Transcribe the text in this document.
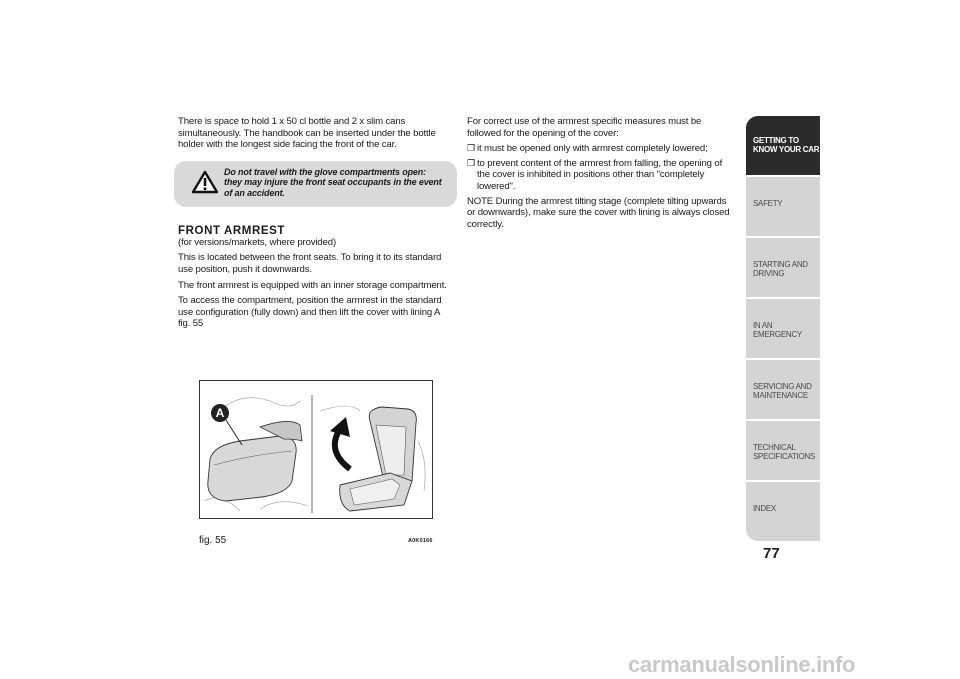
There is space to hold 1 x 50 cl bottle and 2 x slim cans simultaneously. The handbook can be inserted under the bottle holder with the longest side facing the front of the car.

Do not travel with the glove compartments open: they may injure the front seat occupants in the event of an accident.
FRONT ARMREST

(for versions/markets, where provided)

This is located between the front seats. To bring it to its standard use position, push it downwards.

The front armrest is equipped with an inner storage compartment.

To access the compartment, position the armrest in the standard use configuration (fully down) and then lift the cover with lining A fig. 55

For correct use of the armrest specific measures must be followed for the opening of the cover:

❒ it must be opened only with armrest completely lowered;
❒ to prevent content of the armrest from falling, the opening of the cover is inhibited in positions other than "completely lowered".

NOTE During the armrest tilting stage (complete tilting upwards or downwards), make sure the cover with lining is always closed correctly.

A
fig. 55	A0K0166
GETTING TO KNOW YOUR CAR
SAFETY
STARTING AND DRIVING
IN AN EMERGENCY
SERVICING AND MAINTENANCE
TECHNICAL SPECIFICATIONS
INDEX
77
carmanualsonline.info
